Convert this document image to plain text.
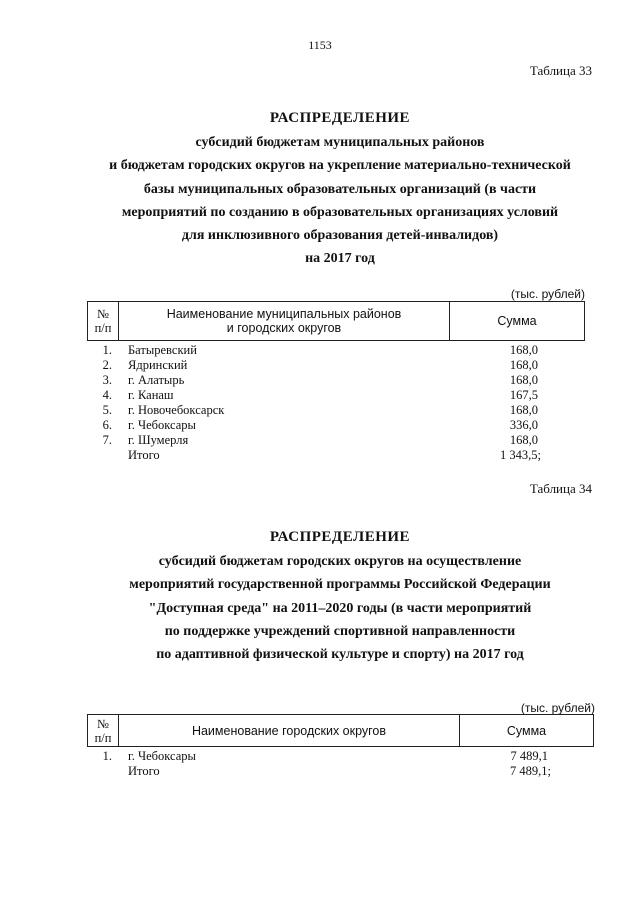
1153
Таблица 33
РАСПРЕДЕЛЕНИЕ
субсидий бюджетам муниципальных районов
и бюджетам городских округов на укрепление материально-технической
базы муниципальных образовательных организаций (в части
мероприятий по созданию в образовательных организациях условий
для инклюзивного образования детей-инвалидов)
на 2017 год
(тыс. рублей)
№
п/п

Наименование муниципальных районов
и городских округов	Сумма
1. Батыревский	168,0
2. Ядринский	168,0
3. г. Алатырь	168,0
4. г. Канаш	167,5
5. г. Новочебоксарск	168,0
6. г. Чебоксары	336,0
7. г. Шумерля	168,0
Итого	1 343,5;
Таблица 34
РАСПРЕДЕЛЕНИЕ
субсидий бюджетам городских округов на осуществление
мероприятий государственной программы Российской Федерации
"Доступная среда" на 2011–2020 годы (в части мероприятий
по поддержке учреждений спортивной направленности
по адаптивной физической культуре и спорту) на 2017 год
(тыс. рублей)
№
п/п	Наименование городских округов	Сумма
1. г. Чебоксары	7 489,1
Итого	7 489,1;
